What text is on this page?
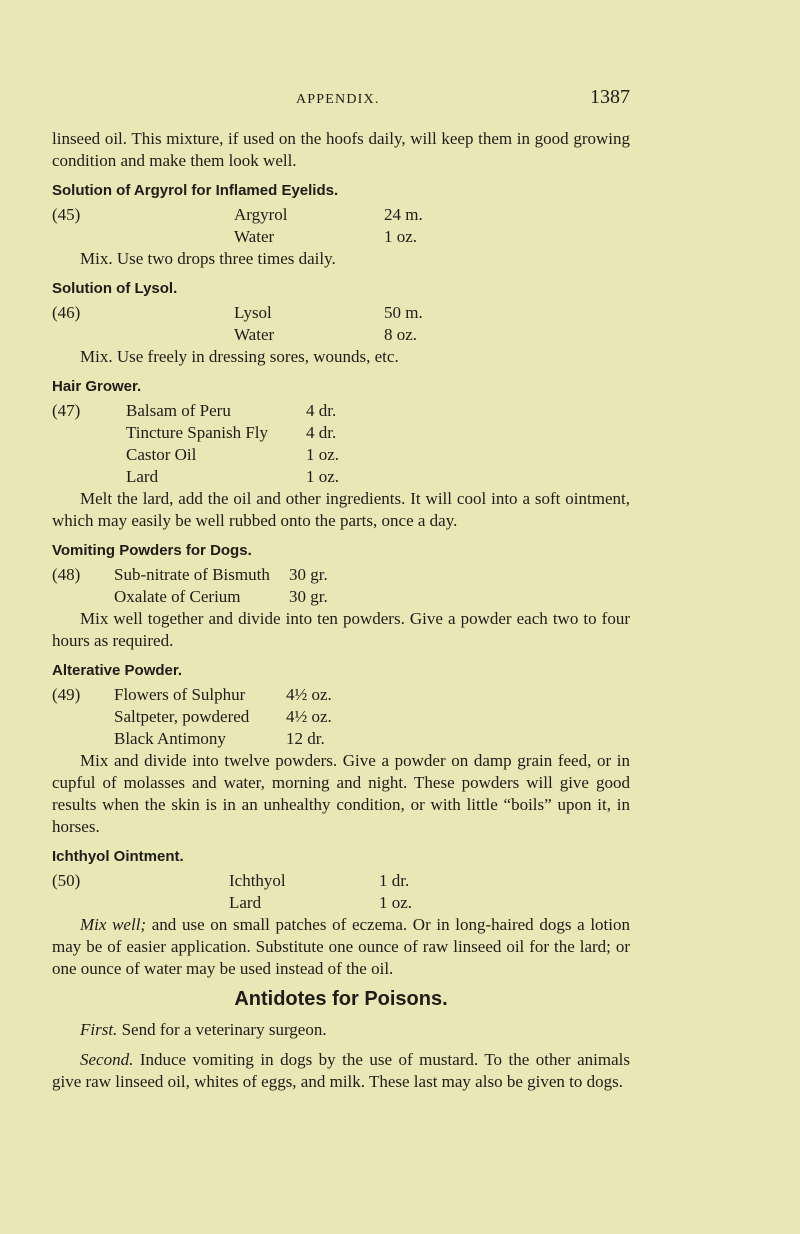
APPENDIX.	1387

linseed oil. This mixture, if used on the hoofs daily, will keep them in good growing condition and make them look well.

Solution of Argyrol for Inflamed Eyelids.
(45)	Argyrol	24 m.
Water	1 oz.

Mix. Use two drops three times daily.

Solution of Lysol.
(46)	Lysol	50 m.
Water	8 oz.

Mix. Use freely in dressing sores, wounds, etc.

Hair Grower.
(47)	Balsam of Peru	4 dr.
Tincture Spanish Fly	4 dr.
Castor Oil	1 oz.
Lard	1 oz.

Melt the lard, add the oil and other ingredients. It will cool into a soft ointment, which may easily be well rubbed onto the parts, once a day.

Vomiting Powders for Dogs.
(48)	Sub-nitrate of Bismuth	30 gr.
Oxalate of Cerium	30 gr.

Mix well together and divide into ten powders. Give a powder each two to four hours as required.

Alterative Powder.
(49)	Flowers of Sulphur	4½ oz.
Saltpeter, powdered	4½ oz.
Black Antimony	12 dr.

Mix and divide into twelve powders. Give a powder on damp grain feed, or in cupful of molasses and water, morning and night. These powders will give good results when the skin is in an unhealthy condition, or with little “boils” upon it, in horses.

Ichthyol Ointment.
(50)	Ichthyol	1 dr.
Lard	1 oz.

Mix well; and use on small patches of eczema. Or in long-haired dogs a lotion may be of easier application. Substitute one ounce of raw linseed oil for the lard; or one ounce of water may be used instead of the oil.

Antidotes for Poisons.

First. Send for a veterinary surgeon.

Second. Induce vomiting in dogs by the use of mustard. To the other animals give raw linseed oil, whites of eggs, and milk. These last may also be given to dogs.
